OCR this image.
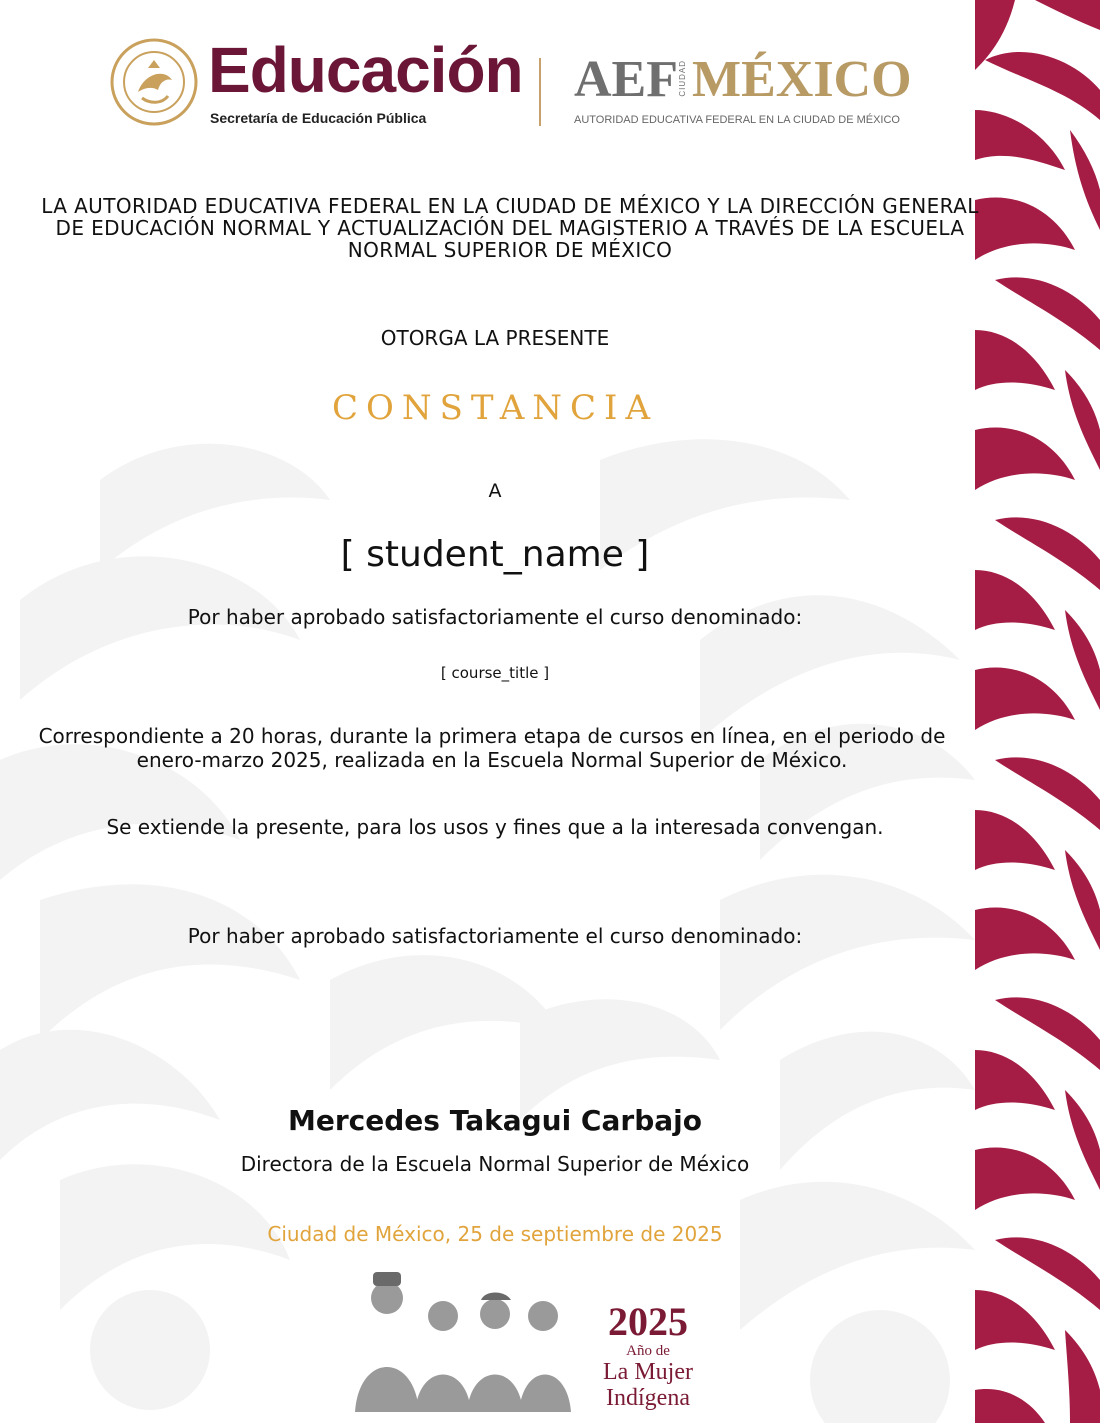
Educación
Secretaría de Educación Pública
AEF CIUDAD MÉXICO
AUTORIDAD EDUCATIVA FEDERAL EN LA CIUDAD DE MÉXICO
LA AUTORIDAD EDUCATIVA FEDERAL EN LA CIUDAD DE MÉXICO Y LA DIRECCIÓN GENERAL DE EDUCACIÓN NORMAL Y ACTUALIZACIÓN DEL MAGISTERIO A TRAVÉS DE LA ESCUELA NORMAL SUPERIOR DE MÉXICO
OTORGA LA PRESENTE
CONSTANCIA
A
[ student_name ]
Por haber aprobado satisfactoriamente el curso denominado:
[ course_title ]
Correspondiente a 20 horas, durante la primera etapa de cursos en línea, en el periodo de enero-marzo 2025, realizada en la Escuela Normal Superior de México.
Se extiende la presente, para los usos y fines que a la interesada convengan.
Por haber aprobado satisfactoriamente el curso denominado:
Mercedes Takagui Carbajo
Directora de la Escuela Normal Superior de México
Ciudad de México, 25 de septiembre de 2025
2025
Año de
La Mujer
Indígena
